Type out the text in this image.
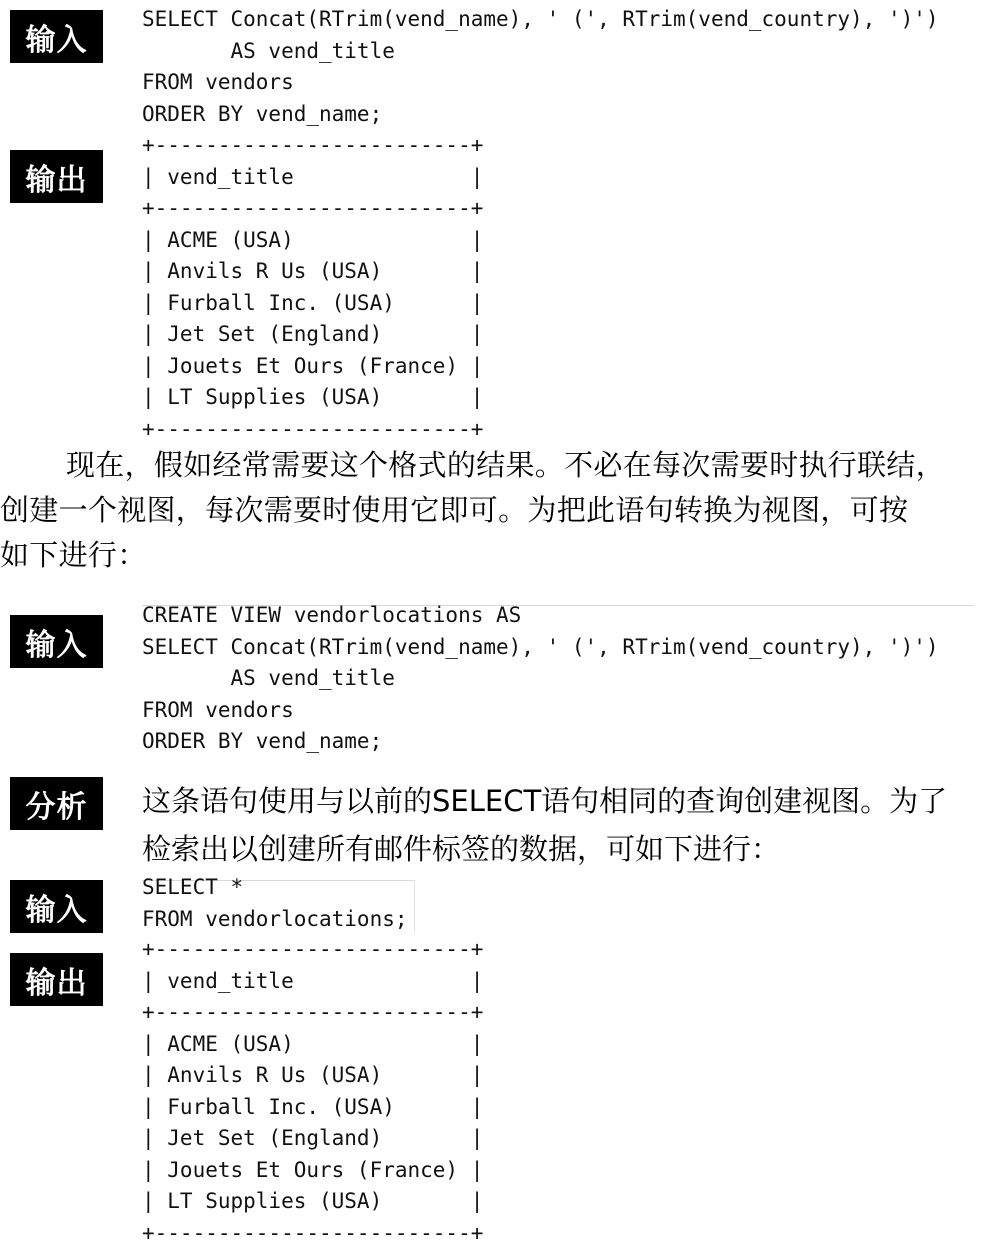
输入
SELECT Concat(RTrim(vend_name), ' (', RTrim(vend_country), ')')
AS vend_title
FROM vendors
ORDER BY vend_name;
输出
+-------------------------+
| vend_title              |
+-------------------------+
| ACME (USA)              |
| Anvils R Us (USA)       |
| Furball Inc. (USA)      |
| Jet Set (England)       |
| Jouets Et Ours (France) |
| LT Supplies (USA)       |
+-------------------------+
现在，假如经常需要这个格式的结果。不必在每次需要时执行联结，
创建一个视图，每次需要时使用它即可。为把此语句转换为视图，可按
如下进行：
输入
CREATE VIEW vendorlocations AS
SELECT Concat(RTrim(vend_name), ' (', RTrim(vend_country), ')')
AS vend_title
FROM vendors
ORDER BY vend_name;
分析	这条语句使用与以前的SELECT语句相同的查询创建视图。为了
检索出以创建所有邮件标签的数据，可如下进行：
输入
SELECT *
FROM vendorlocations;
输出
+-------------------------+
| vend_title              |
+-------------------------+
| ACME (USA)              |
| Anvils R Us (USA)       |
| Furball Inc. (USA)      |
| Jet Set (England)       |
| Jouets Et Ours (France) |
| LT Supplies (USA)       |
+-------------------------+
